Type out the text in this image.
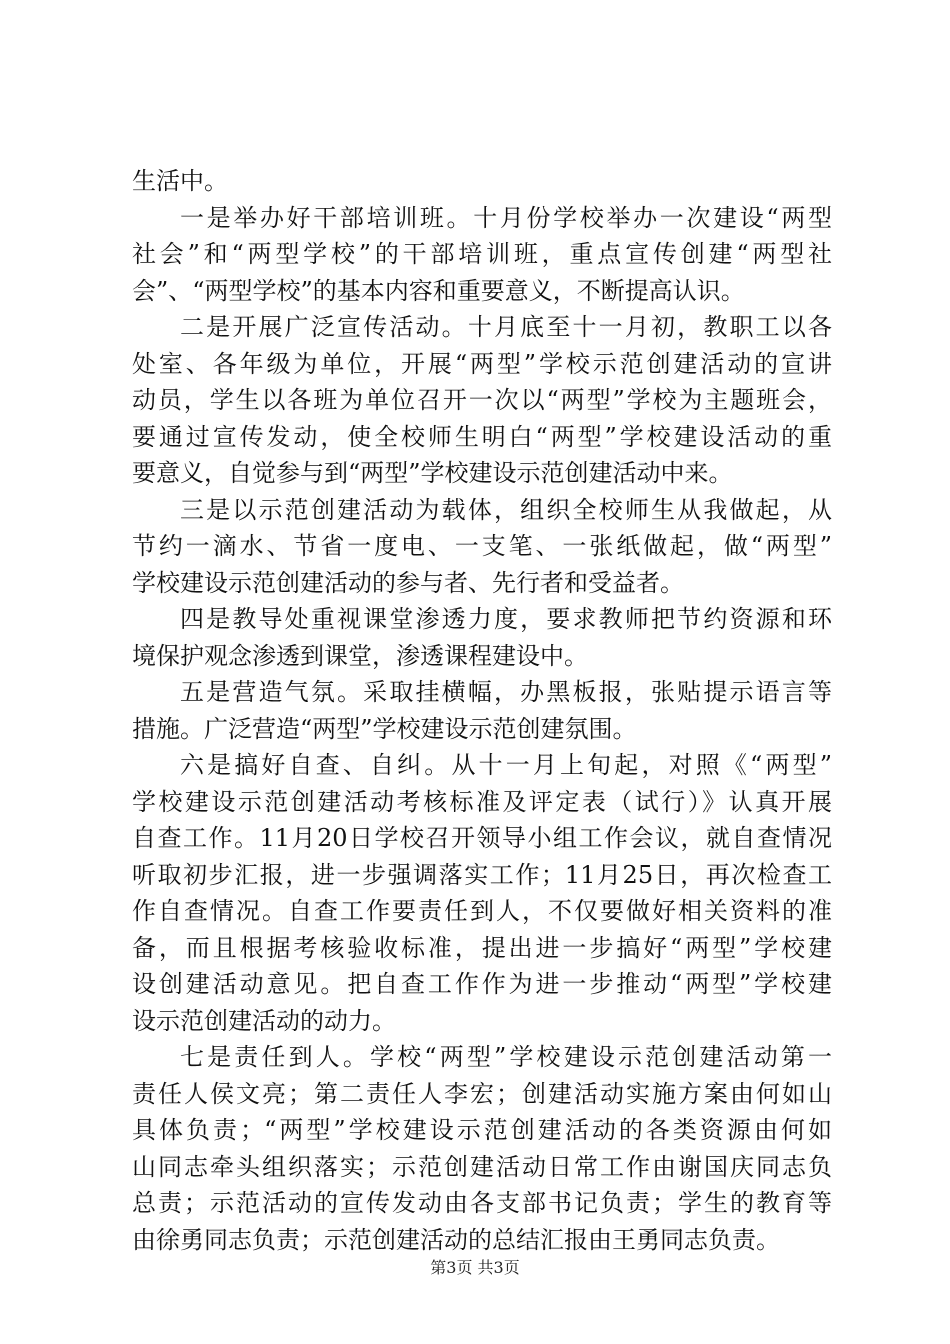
生活中。
一是举办好干部培训班。十月份学校举办一次建设“两型
社会”和“两型学校”的干部培训班，重点宣传创建“两型社
会”、“两型学校”的基本内容和重要意义，不断提高认识。
二是开展广泛宣传活动。十月底至十一月初，教职工以各
处室、各年级为单位，开展“两型”学校示范创建活动的宣讲
动员，学生以各班为单位召开一次以“两型”学校为主题班会，
要通过宣传发动，使全校师生明白“两型”学校建设活动的重
要意义，自觉参与到“两型”学校建设示范创建活动中来。
三是以示范创建活动为载体，组织全校师生从我做起，从
节约一滴水、节省一度电、一支笔、一张纸做起，做“两型”
学校建设示范创建活动的参与者、先行者和受益者。
四是教导处重视课堂渗透力度，要求教师把节约资源和环
境保护观念渗透到课堂，渗透课程建设中。
五是营造气氛。采取挂横幅，办黑板报，张贴提示语言等
措施。广泛营造“两型”学校建设示范创建氛围。
六是搞好自查、自纠。从十一月上旬起，对照《“两型”
学校建设示范创建活动考核标准及评定表（试行）》认真开展
自查工作。11月20日学校召开领导小组工作会议，就自查情况
听取初步汇报，进一步强调落实工作；11月25日，再次检查工
作自查情况。自查工作要责任到人，不仅要做好相关资料的准
备，而且根据考核验收标准，提出进一步搞好“两型”学校建
设创建活动意见。把自查工作作为进一步推动“两型”学校建
设示范创建活动的动力。
七是责任到人。学校“两型”学校建设示范创建活动第一
责任人侯文亮；第二责任人李宏；创建活动实施方案由何如山
具体负责；“两型”学校建设示范创建活动的各类资源由何如
山同志牵头组织落实；示范创建活动日常工作由谢国庆同志负
总责；示范活动的宣传发动由各支部书记负责；学生的教育等
由徐勇同志负责；示范创建活动的总结汇报由王勇同志负责。
第3页 共3页
